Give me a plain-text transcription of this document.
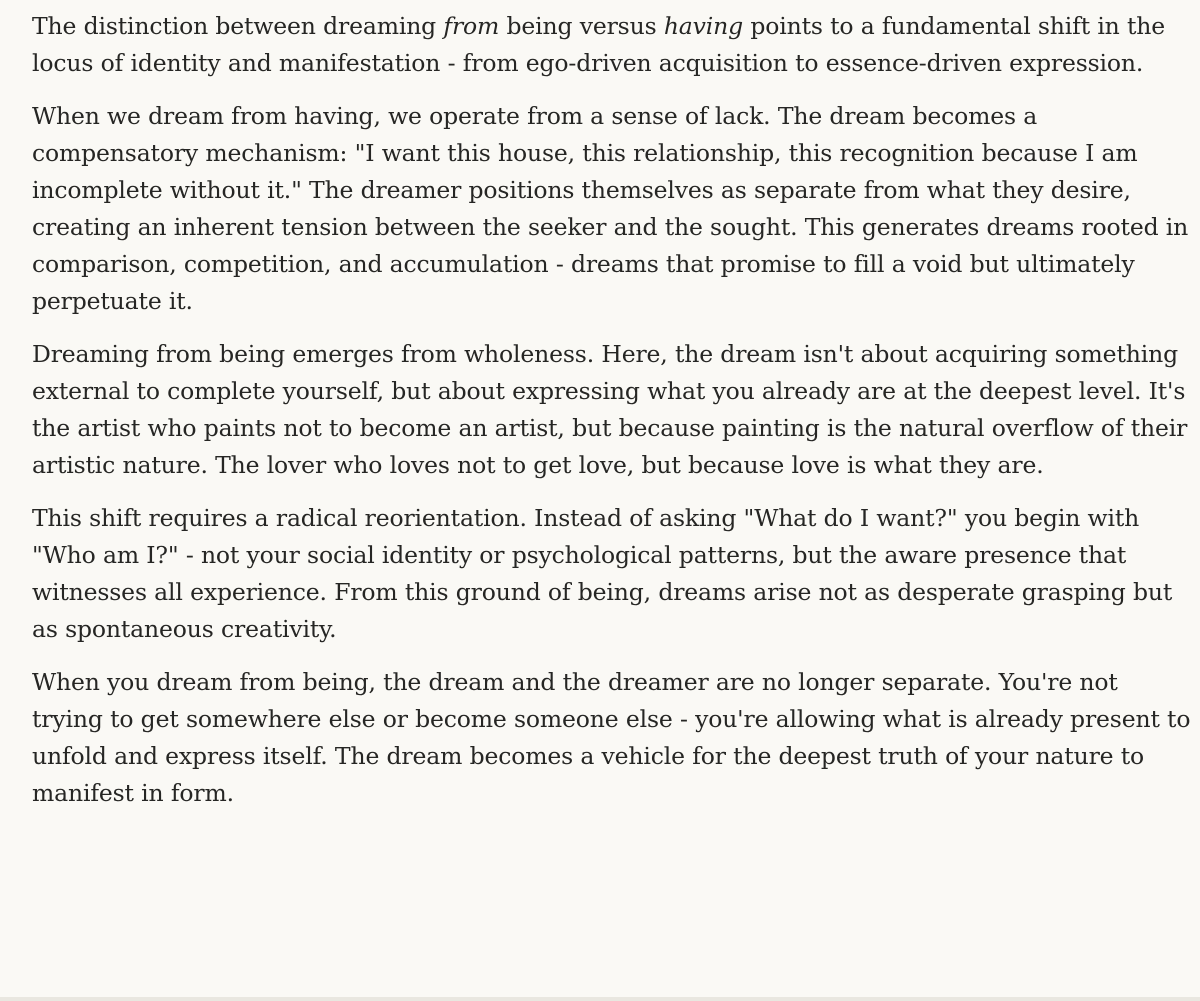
The distinction between dreaming from being versus having points to a fundamental shift in the locus of identity and manifestation - from ego-driven acquisition to essence-driven expression.

When we dream from having, we operate from a sense of lack. The dream becomes a compensatory mechanism: "I want this house, this relationship, this recognition because I am incomplete without it." The dreamer positions themselves as separate from what they desire, creating an inherent tension between the seeker and the sought. This generates dreams rooted in comparison, competition, and accumulation - dreams that promise to fill a void but ultimately perpetuate it.

Dreaming from being emerges from wholeness. Here, the dream isn't about acquiring something external to complete yourself, but about expressing what you already are at the deepest level. It's the artist who paints not to become an artist, but because painting is the natural overflow of their artistic nature. The lover who loves not to get love, but because love is what they are.

This shift requires a radical reorientation. Instead of asking "What do I want?" you begin with "Who am I?" - not your social identity or psychological patterns, but the aware presence that witnesses all experience. From this ground of being, dreams arise not as desperate grasping but as spontaneous creativity.

When you dream from being, the dream and the dreamer are no longer separate. You're not trying to get somewhere else or become someone else - you're allowing what is already present to unfold and express itself. The dream becomes a vehicle for the deepest truth of your nature to manifest in form.
